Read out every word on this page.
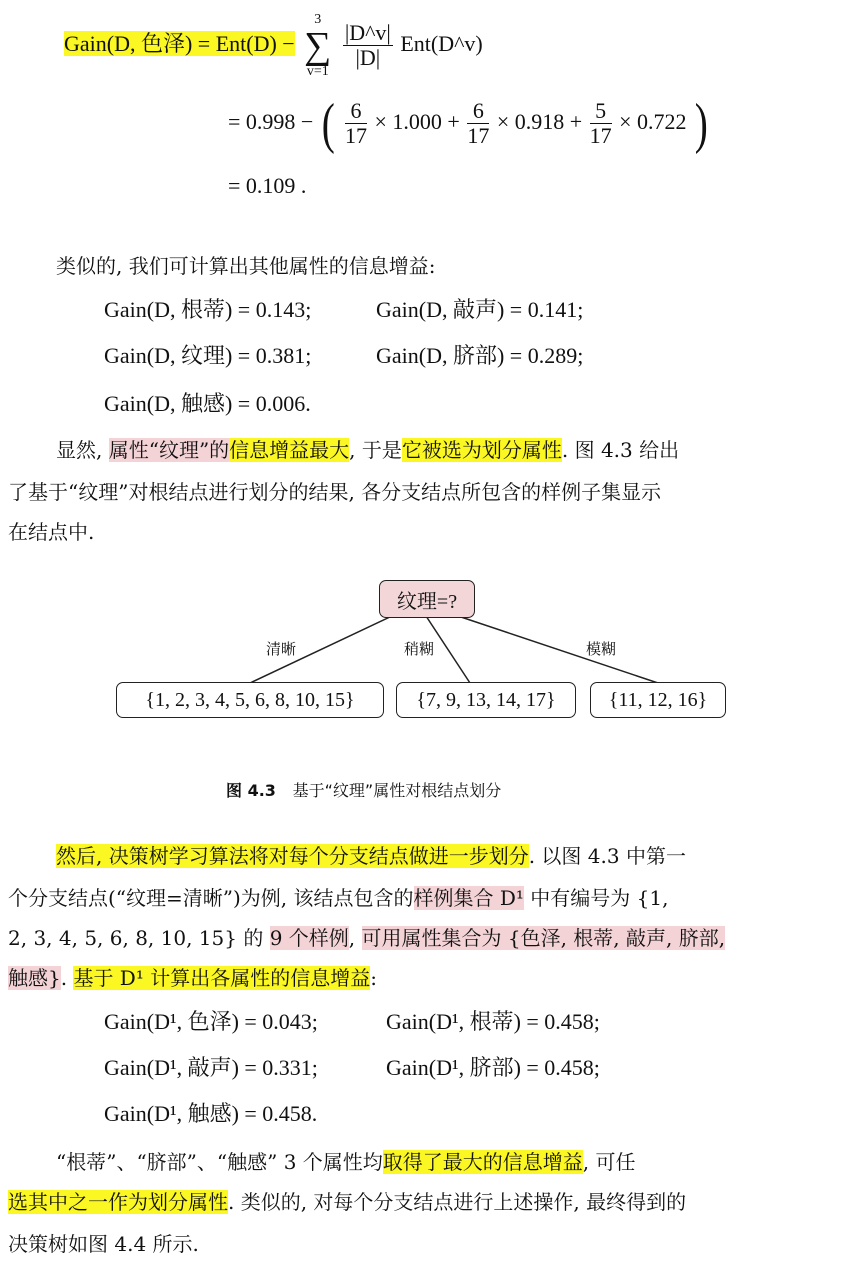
Gain(D, 色泽) = Ent(D) −
3
∑
v=1

$\frac{|D\^{}v|}{|D|}$ Ent(D^v)
= 0.998 − ( $\frac{6}{17} \times 1.000 + \frac{6}{17} \times 0.918 + \frac{5}{17} \times 0.722$ )
= 0.109 .
类似的, 我们可计算出其他属性的信息增益:
Gain(D, 根蒂) = 0.143;	Gain(D, 敲声) = 0.141;
Gain(D, 纹理) = 0.381;	Gain(D, 脐部) = 0.289;
Gain(D, 触感) = 0.006.
显然, 属性“纹理”的信息增益最大, 于是它被选为划分属性. 图 4.3 给出
了基于“纹理”对根结点进行划分的结果, 各分支结点所包含的样例子集显示
在结点中.
纹理=?
清晰	稍糊	模糊
{1, 2, 3, 4, 5, 6, 8, 10, 15}	{7, 9, 13, 14, 17}	{11, 12, 16}
图 4.3 基于“纹理”属性对根结点划分
然后, 决策树学习算法将对每个分支结点做进一步划分. 以图 4.3 中第一
个分支结点(“纹理=清晰”)为例, 该结点包含的样例集合 D¹ 中有编号为 {1,
2, 3, 4, 5, 6, 8, 10, 15} 的 9 个样例, 可用属性集合为 {色泽, 根蒂, 敲声, 脐部,
触感}. 基于 D¹ 计算出各属性的信息增益:
Gain(D¹, 色泽) = 0.043;	Gain(D¹, 根蒂) = 0.458;
Gain(D¹, 敲声) = 0.331;	Gain(D¹, 脐部) = 0.458;
Gain(D¹, 触感) = 0.458.
“根蒂”、“脐部”、“触感” 3 个属性均取得了最大的信息增益, 可任
选其中之一作为划分属性. 类似的, 对每个分支结点进行上述操作, 最终得到的
决策树如图 4.4 所示.
